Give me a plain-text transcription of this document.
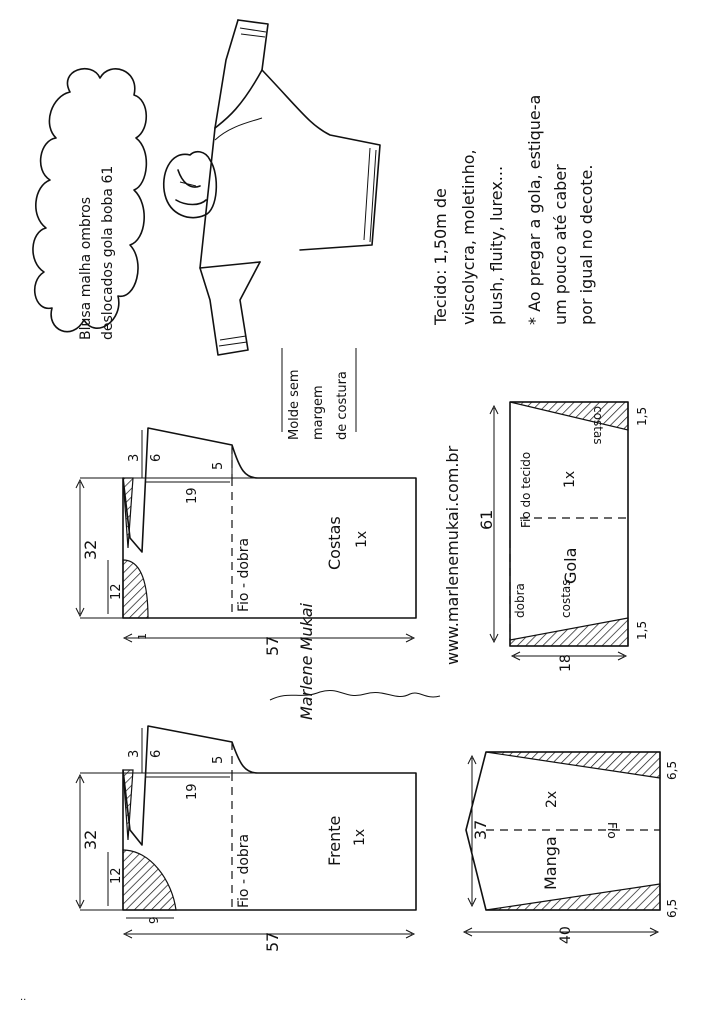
Blusa malha ombros deslocados gola boba 61
Molde sem margem de costura
Tecido: 1,50m de viscolycra, moletinho, plush, fluity, lurex... * Ao pregar a gola, estique-a um pouco até caber por igual no decote.
www.marlenemukai.com.br
Marlene Mukai
32
12
3 6
5
19
57
1
Fio - dobra	Costas 1x
32
12
3 6
5
19
9
57
Fio - dobra	Frente 1x
61
18
1,5
1,5
costas
costas
Fio do tecido
dobra
Gola
1x
37
40
6,5
6,5
Manga
2x
Fio
..
